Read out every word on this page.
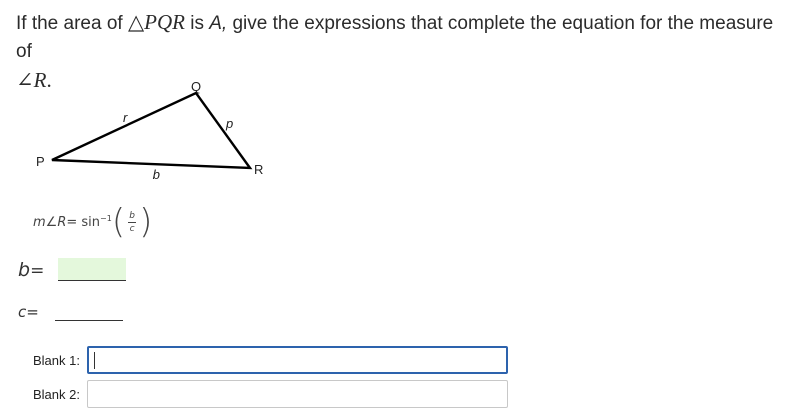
If the area of △PQR is A, give the expressions that complete the equation for the measure of
∠R.
P
Q
R
r	p
q
m ∠R = $\sin^{-1}$ ( $\frac{b}{c}$ )
b =
c =
Blank 1:
Blank 2:
